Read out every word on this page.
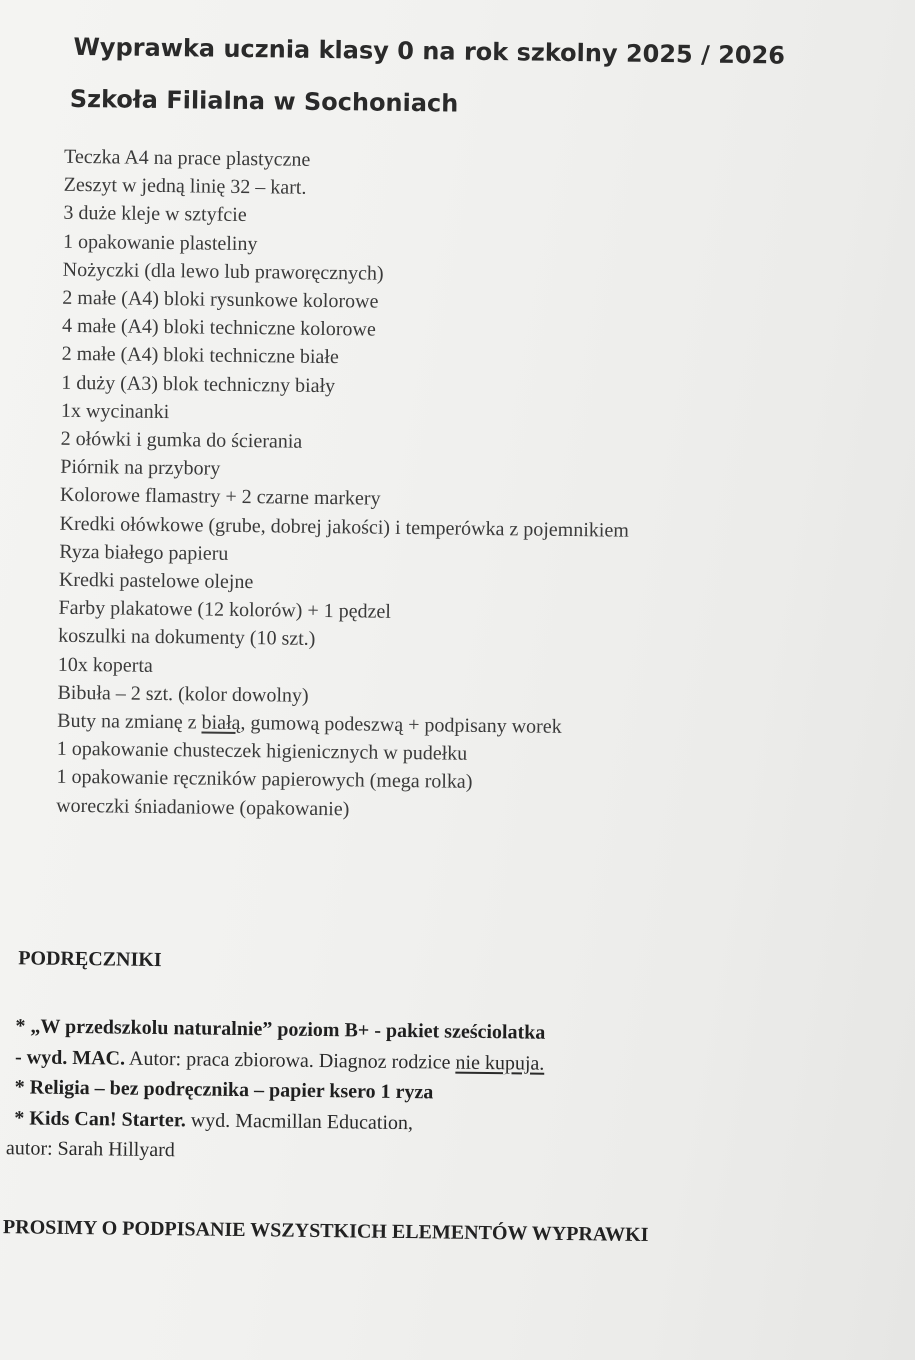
Wyprawka ucznia klasy 0 na rok szkolny 2025 / 2026
Szkoła Filialna w Sochoniach
Teczka A4 na prace plastyczne
Zeszyt w jedną linię 32 – kart.
3 duże kleje w sztyfcie
1 opakowanie plasteliny
Nożyczki (dla lewo lub praworęcznych)
2 małe (A4) bloki rysunkowe kolorowe
4 małe (A4) bloki techniczne kolorowe
2 małe (A4) bloki techniczne białe
1 duży (A3) blok techniczny biały
1x wycinanki
2 ołówki i gumka do ścierania
Piórnik na przybory
Kolorowe flamastry + 2 czarne markery
Kredki ołówkowe (grube, dobrej jakości) i temperówka z pojemnikiem
Ryza białego papieru
Kredki pastelowe olejne
Farby plakatowe (12 kolorów) + 1 pędzel
koszulki na dokumenty (10 szt.)
10x koperta
Bibuła – 2 szt. (kolor dowolny)
Buty na zmianę z białą, gumową podeszwą + podpisany worek
1 opakowanie chusteczek higienicznych w pudełku
1 opakowanie ręczników papierowych (mega rolka)
woreczki śniadaniowe (opakowanie)
PODRĘCZNIKI
* „W przedszkolu naturalnie” poziom B+ - pakiet sześciolatka
- wyd. MAC. Autor: praca zbiorowa. Diagnoz rodzice nie kupuja.
* Religia – bez podręcznika – papier ksero 1 ryza
* Kids Can! Starter. wyd. Macmillan Education,
autor: Sarah Hillyard

PROSIMY O PODPISANIE WSZYSTKICH ELEMENTÓW WYPRAWKI
